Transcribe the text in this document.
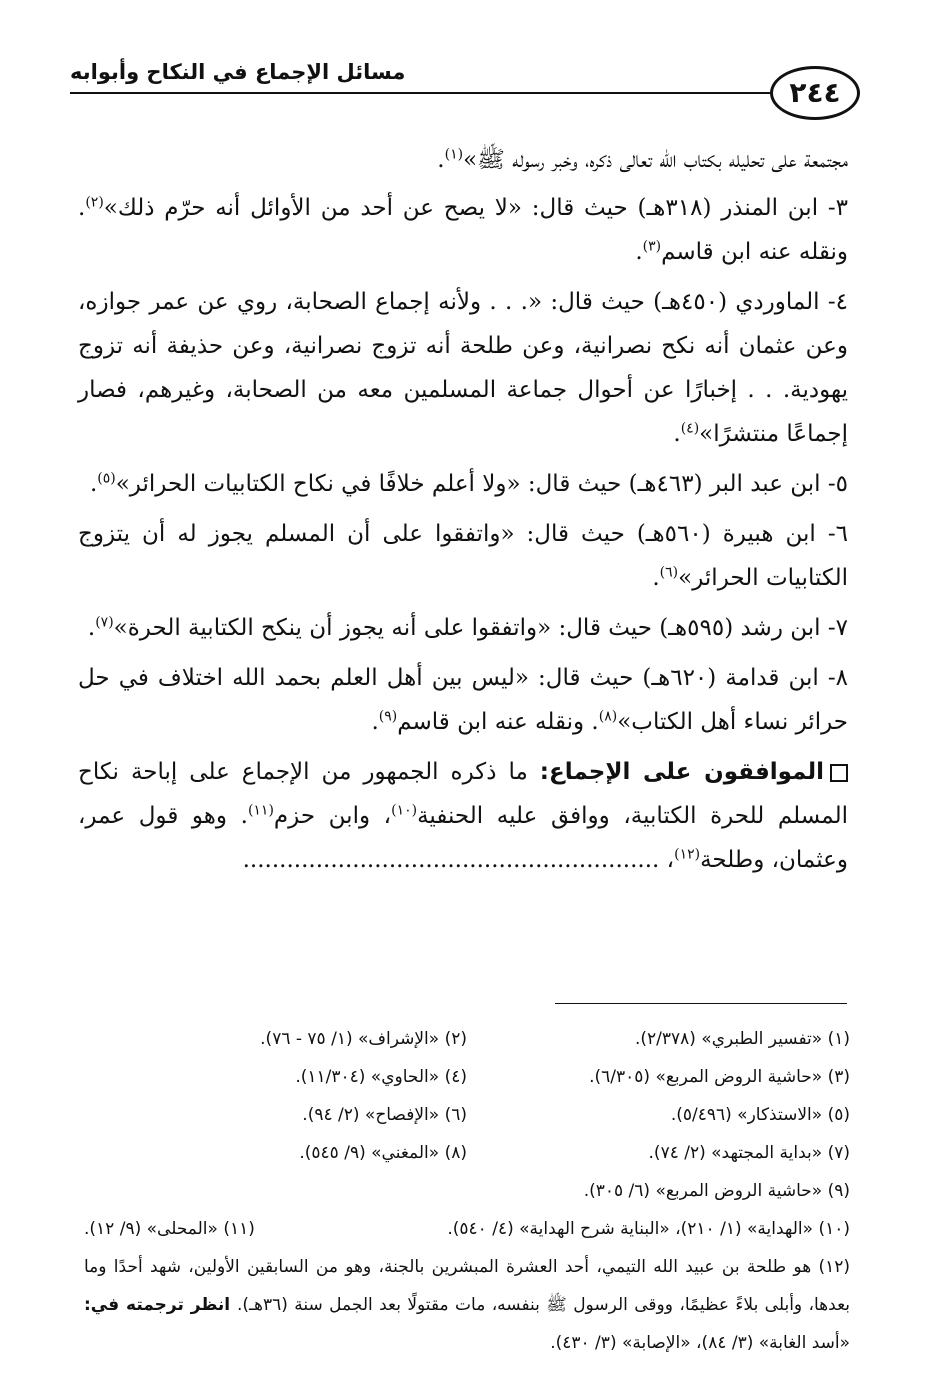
مسائل الإجماع في النكاح وأبوابه
٢٤٤

مجتمعة على تحليله بكتاب الله تعالى ذكره، وخبر رسوله ﷺ»$^{(١)}$.

٣- ابن المنذر (٣١٨هـ) حيث قال: «لا يصح عن أحد من الأوائل أنه حرّم ذلك»$^{(٢)}$. ونقله عنه ابن قاسم$^{(٣)}$.

٤- الماوردي (٤٥٠هـ) حيث قال: «. . . ولأنه إجماع الصحابة، روي عن عمر جوازه، وعن عثمان أنه نكح نصرانية، وعن طلحة أنه تزوج نصرانية، وعن حذيفة أنه تزوج يهودية. . . إخبارًا عن أحوال جماعة المسلمين معه من الصحابة، وغيرهم، فصار إجماعًا منتشرًا»$^{(٤)}$.

٥- ابن عبد البر (٤٦٣هـ) حيث قال: «ولا أعلم خلافًا في نكاح الكتابيات الحرائر»$^{(٥)}$.

٦- ابن هبيرة (٥٦٠هـ) حيث قال: «واتفقوا على أن المسلم يجوز له أن يتزوج الكتابيات الحرائر»$^{(٦)}$.

٧- ابن رشد (٥٩٥هـ) حيث قال: «واتفقوا على أنه يجوز أن ينكح الكتابية الحرة»$^{(٧)}$.

٨- ابن قدامة (٦٢٠هـ) حيث قال: «ليس بين أهل العلم بحمد الله اختلاف في حل حرائر نساء أهل الكتاب»$^{(٨)}$. ونقله عنه ابن قاسم$^{(٩)}$.

الموافقون على الإجماع: ما ذكره الجمهور من الإجماع على إباحة نكاح المسلم للحرة الكتابية، ووافق عليه الحنفية$^{(١٠)}$، وابن حزم$^{(١١)}$. وهو قول عمر، وعثمان، وطلحة$^{(١٢)}$، .........................................................

(١) «تفسير الطبري» (٢/٣٧٨).
(٢) «الإشراف» (١/ ٧٥ - ٧٦).
(٣) «حاشية الروض المربع» (٦/٣٠٥).
(٤) «الحاوي» (١١/٣٠٤).
(٥) «الاستذكار» (٥/٤٩٦).
(٦) «الإفصاح» (٢/ ٩٤).
(٧) «بداية المجتهد» (٢/ ٧٤).
(٨) «المغني» (٩/ ٥٤٥).
(٩) «حاشية الروض المربع» (٦/ ٣٠٥).
(١٠) «الهداية» (١/ ٢١٠)، «البناية شرح الهداية» (٤/ ٥٤٠).
(١١) «المحلى» (٩/ ١٢).
(١٢) هو طلحة بن عبيد الله التيمي، أحد العشرة المبشرين بالجنة، وهو من السابقين الأولين، شهد أحدًا وما بعدها، وأبلى بلاءً عظيمًا، ووقى الرسول ﷺ بنفسه، مات مقتولًا بعد الجمل سنة (٣٦هـ). انظر ترجمته في: «أسد الغابة» (٣/ ٨٤)، «الإصابة» (٣/ ٤٣٠).
